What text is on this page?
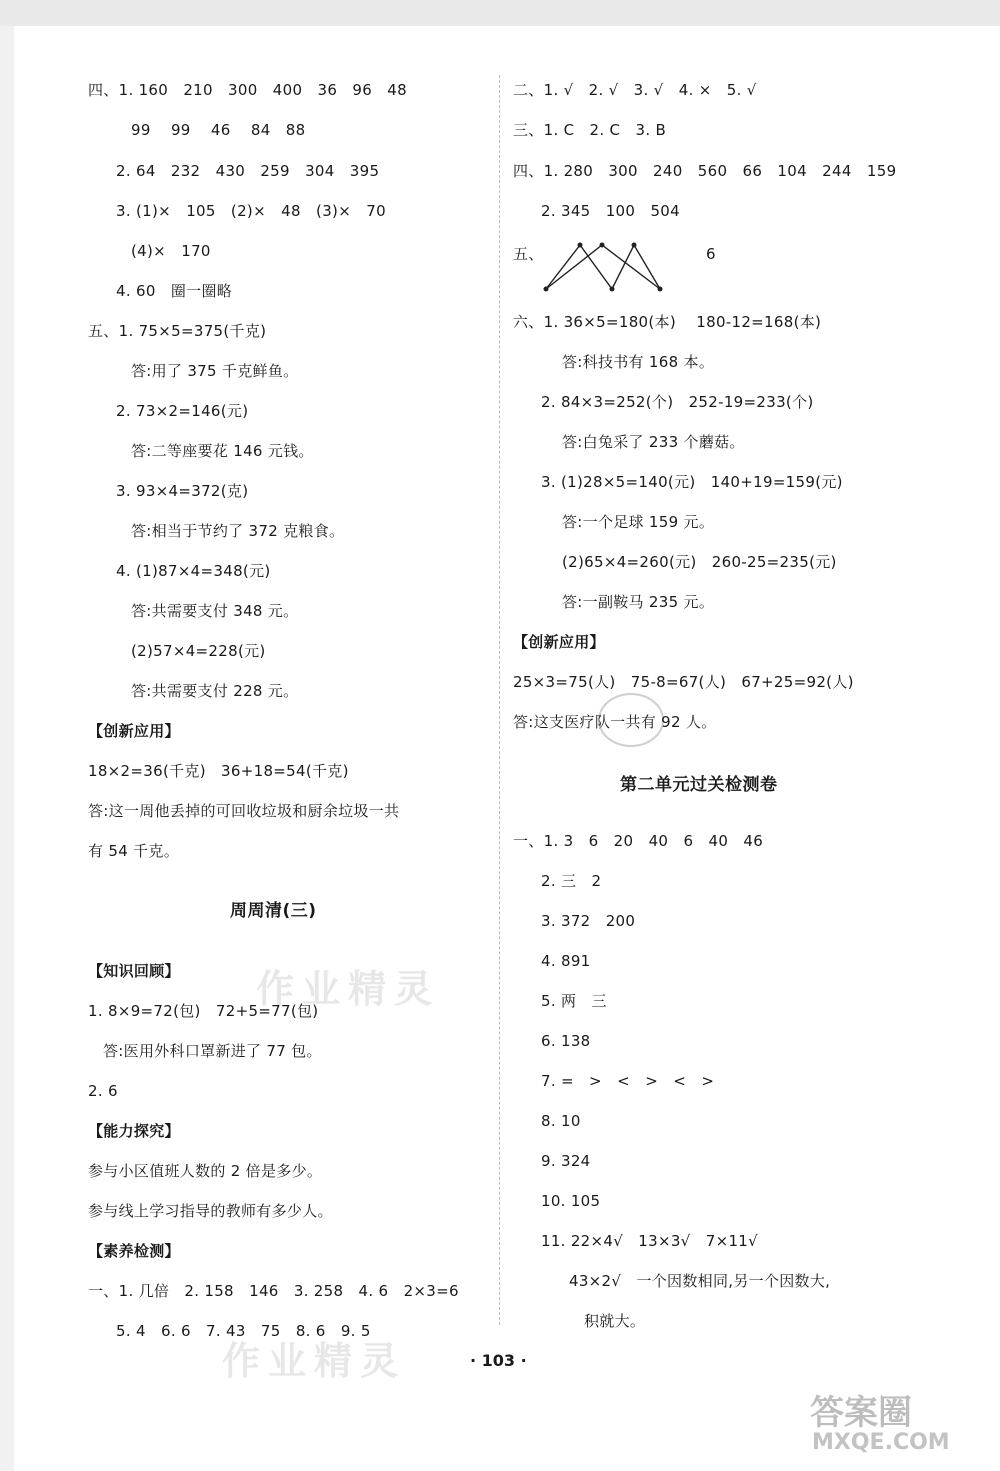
作业精灵
作业精灵
四、1. 160   210   300   400   36   96   48
99    99    46    84   88
2. 64   232   430   259   304   395
3. (1)×   105   (2)×   48   (3)×   70
(4)×   170
4. 60   圈一圈略
五、1. 75×5=375(千克)
答:用了 375 千克鲜鱼。
2. 73×2=146(元)
答:二等座要花 146 元钱。
3. 93×4=372(克)
答:相当于节约了 372 克粮食。
4. (1)87×4=348(元)
答:共需要支付 348 元。
(2)57×4=228(元)
答:共需要支付 228 元。
【创新应用】
18×2=36(千克)   36+18=54(千克)
答:这一周他丢掉的可回收垃圾和厨余垃圾一共
有 54 千克。
周周清(三)
【知识回顾】
1. 8×9=72(包)   72+5=77(包)
答:医用外科口罩新进了 77 包。
2. 6
【能力探究】
参与小区值班人数的 2 倍是多少。
参与线上学习指导的教师有多少人。
【素养检测】
一、1. 几倍   2. 158   146   3. 258   4. 6   2×3=6
5. 4   6. 6   7. 43   75   8. 6   9. 5
二、1. √   2. √   3. √   4. ×   5. √
三、1. C   2. C   3. B
四、1. 280   300   240   560   66   104   244   159
2. 345   100   504
五、	6
六、1. 36×5=180(本)    180-12=168(本)
答:科技书有 168 本。
2. 84×3=252(个)   252-19=233(个)
答:白兔采了 233 个蘑菇。
3. (1)28×5=140(元)   140+19=159(元)
答:一个足球 159 元。
(2)65×4=260(元)   260-25=235(元)
答:一副鞍马 235 元。
【创新应用】
25×3=75(人)   75-8=67(人)   67+25=92(人)
答:这支医疗队一共有 92 人。
第二单元过关检测卷
一、1. 3   6   20   40   6   40   46
2. 三   2
3. 372   200
4. 891
5. 两   三
6. 138
7. =   >   <   >   <   >
8. 10
9. 324
10. 105
11. 22×4√   13×3√   7×11√
43×2√   一个因数相同,另一个因数大,
积就大。
· 103 ·
答案圈
MXQE.COM
